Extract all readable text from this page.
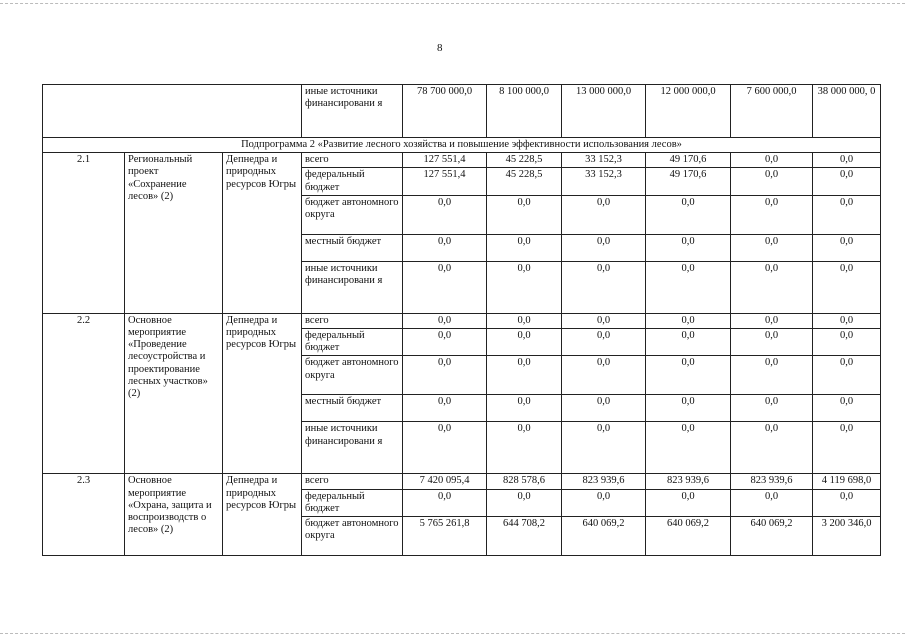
8
			иные источники финансировани я	78 700 000,0	8 100 000,0	13 000 000,0	12 000 000,0	7 600 000,0	38 000 000, 0
Подпрограмма 2 «Развитие лесного хозяйства и повышение эффективности использования лесов»									
2.1	Региональный проект «Сохранение лесов» (2)	Депнедра и природных ресурсов Югры	всего	127 551,4	45 228,5	33 152,3	49 170,6	0,0	0,0
			федеральный бюджет	127 551,4	45 228,5	33 152,3	49 170,6	0,0	0,0
			бюджет автономного округа	0,0	0,0	0,0	0,0	0,0	0,0
			местный бюджет	0,0	0,0	0,0	0,0	0,0	0,0
			иные источники финансировани я	0,0	0,0	0,0	0,0	0,0	0,0
2.2	Основное мероприятие «Проведение лесоустройства и проектирование лесных участков» (2)	Депнедра и природных ресурсов Югры	всего	0,0	0,0	0,0	0,0	0,0	0,0
			федеральный бюджет	0,0	0,0	0,0	0,0	0,0	0,0
			бюджет автономного округа	0,0	0,0	0,0	0,0	0,0	0,0
			местный бюджет	0,0	0,0	0,0	0,0	0,0	0,0
			иные источники финансировани я	0,0	0,0	0,0	0,0	0,0	0,0
2.3	Основное мероприятие «Охрана, защита и воспроизводств о лесов» (2)	Депнедра и природных ресурсов Югры	всего	7 420 095,4	828 578,6	823 939,6	823 939,6	823 939,6	4 119 698,0
			федеральный бюджет	0,0	0,0	0,0	0,0	0,0	0,0
			бюджет автономного округа	5 765 261,8	644 708,2	640 069,2	640 069,2	640 069,2	3 200 346,0
